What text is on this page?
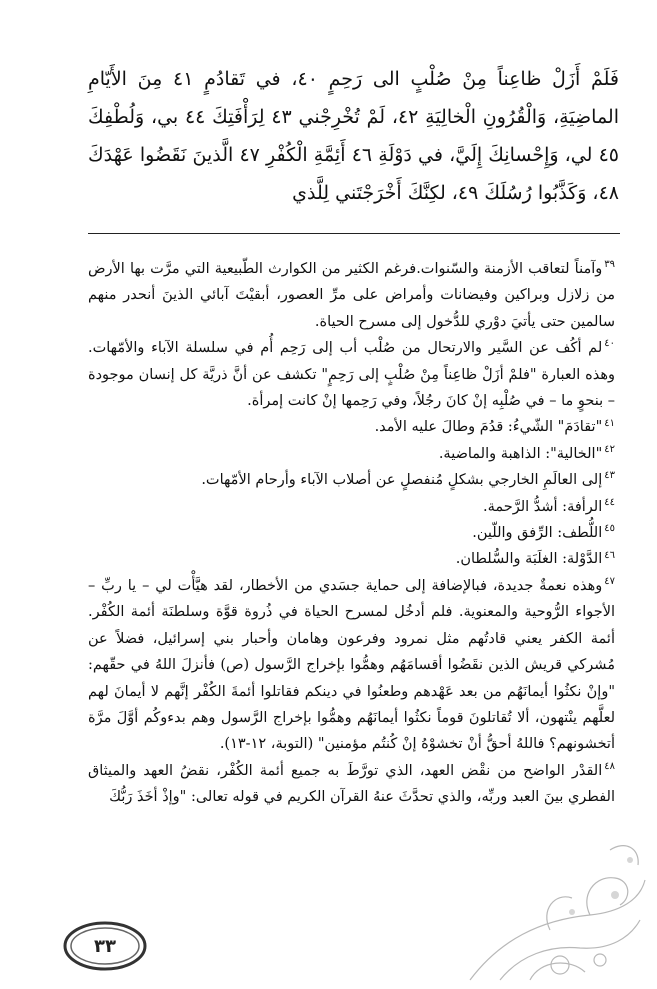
فَلَمْ أَزَلْ ظاعِناً مِنْ صُلْبٍ الى رَحِمٍ ٤٠، في تَقادُمٍ ٤١ مِنَ الأَيّامِ الماضِيَةِ، وَالْقُرُونِ الْخالِيَةِ ٤٢، لَمْ تُخْرِجْني ٤٣ لِرَأْفَتِكَ ٤٤ بي، وَلُطْفِكَ ٤٥ لي، وَإِحْسانِكَ إِلَيَّ، في دَوْلَةِ ٤٦ أَئِمَّةِ الْكُفْرِ ٤٧ الَّذينَ نَقَضُوا عَهْدَكَ ٤٨، وَكَذَّبُوا رُسُلَكَ ٤٩، لكِنَّكَ أَخْرَجْتَني لِلَّذي

$^{٣٩}$وآمناً لتعاقب الأزمنة والسّنوات.فرغم الكثير من الكوارث الطّبيعية التي مرَّت بها الأرض من زلازل وبراكين وفيضانات وأمراض على مرِّ العصور، أبقيْتَ آبائي الذينَ أنحدر منهم سالمين حتى يأتيَ دوْري للدُّخول إلى مسرح الحياة.

$^{٤٠}$لم أكُف عن السَّير والارتحال من صُلْب أب إلى رَحِم أُم في سلسلة الآباء والأمّهات. وهذه العبارة "فلمْ أزَلْ ظاعِناً مِنْ صُلْبٍ إلى رَحِمٍ" تكشف عن أنَّ ذريَّة كل إنسان موجودة – بنحوٍ ما – في صُلْبِه إنْ كانَ رجُلاً، وفي رَحِمها إنْ كانت إمرأة.

$^{٤١}$"تقادَمَ" الشّيءُ: قدُمَ وطالَ عليه الأمد.

$^{٤٢}$"الخالية": الذاهبة والماضية.

$^{٤٣}$إلى العالَمِ الخارجي بشكلٍ مُنفصلٍ عن أصلاب الآباء وأرحام الأمّهات.

$^{٤٤}$الرأفة: أشدُّ الرَّحمة.

$^{٤٥}$اللُّطف: الرِّفق واللّين.

$^{٤٦}$الدَّوْلة: الغلَبَة والسُّلطان.

$^{٤٧}$وهذه نعمةٌ جديدة، فبالإضافة إلى حماية جسَدي من الأخطار، لقد هيَّأْت لي – يا ربِّ – الأجواء الرُّوحية والمعنوية. فلم أدخُل لمسرح الحياة في ذُروة قوَّة وسلطنَة أئمة الكُفْر. أئمة الكفر يعني قادتُهم مثل نمرود وفرعون وهامان وأحبار بني إسرائيل، فضلاً عن مُشركي قريش الذين نقَضُوا أقسامَهُم وهمُّوا بإخراج الرَّسول (ص) فأنزلَ اللهُ في حقّهم: "وإنْ نكثُوا أيمانَهُم من بعد عَهْدهم وطعنُوا في دينكم فقاتلوا أئمةَ الكُفْر إنَّهم لا أيمانَ لهم لعلَّهم ينْتهون، ألا تُقاتلونَ قوماً نكثُوا أيمانَهُم وهمُّوا بإخراج الرَّسول وهم بدءوكُم أوَّلَ مرَّة أتخشونهم؟ فاللهُ أحقُّ أنْ تخشوْهُ إنْ كُنتُم مؤمنين" (التوبة، ١٢-١٣).

$^{٤٨}$القدْر الواضح من نقْض العهد، الذي تورَّطَ به جميع أئمة الكُفْر، نقضُ العهد والميثاق الفطري بينَ العبد وربِّه، والذي تحدَّثَ عنهُ القرآن الكريم في قوله تعالى: "وإذْ أخَذَ رَبُّكَ

٣٣
